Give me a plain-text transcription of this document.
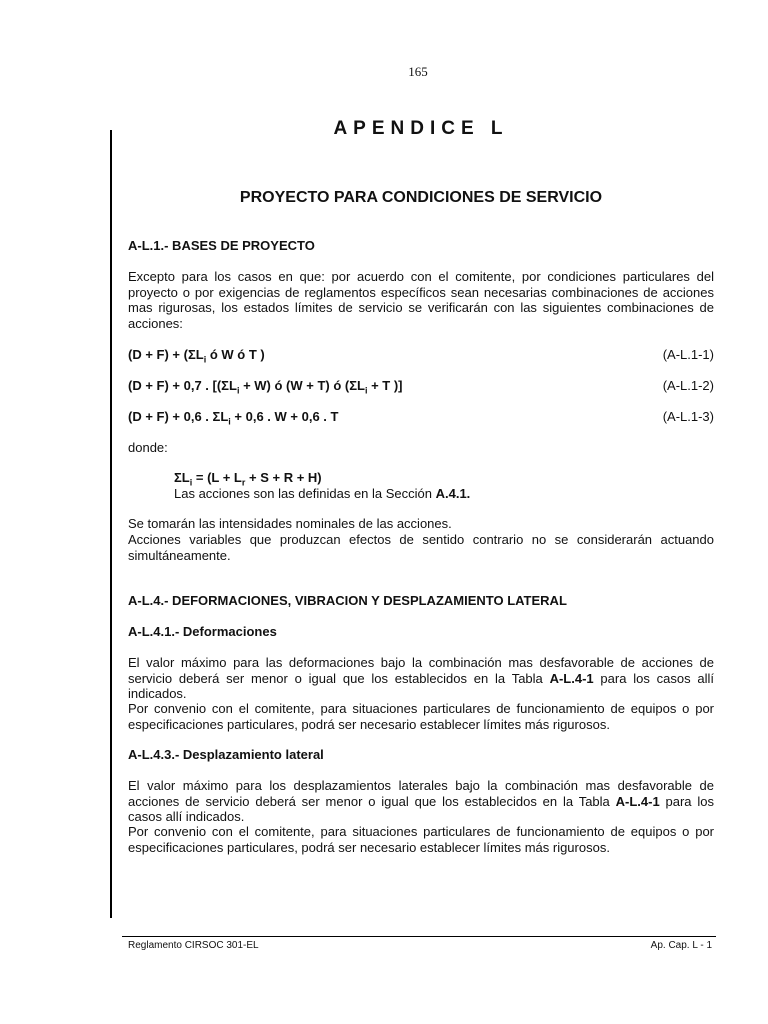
165
APENDICE L
PROYECTO PARA CONDICIONES DE SERVICIO
A-L.1.- BASES DE PROYECTO

Excepto para los casos en que: por acuerdo con el comitente, por condiciones particulares del proyecto o por exigencias de reglamentos específicos sean necesarias combinaciones de acciones mas rigurosas, los estados límites de servicio se verificarán con las siguientes combinaciones de acciones:

$(D + F) + (\Sigma L_i$ ó W ó T )	(A-L.1-1)
(D + F) + 0,7 . [$(\Sigma L_i + W)$ ó (W + T) ó ($\Sigma L_i + T$ )]	(A-L.1-2)
(D + F) + 0,6 . $\Sigma L_i + 0,6$ . W + 0,6 . T	(A-L.1-3)
donde:
$\Sigma L_i = (L + L_r + S + R + H)$
Las acciones son las definidas en la Sección A.4.1.
Se tomarán las intensidades nominales de las acciones.

Acciones variables que produzcan efectos de sentido contrario no se considerarán actuando simultáneamente.

A-L.4.- DEFORMACIONES, VIBRACION Y DESPLAZAMIENTO LATERAL
A-L.4.1.- Deformaciones

El valor máximo para las deformaciones bajo la combinación mas desfavorable de acciones de servicio deberá ser menor o igual que los establecidos en la Tabla A-L.4-1 para los casos allí indicados.

Por convenio con el comitente, para situaciones particulares de funcionamiento de equipos o por especificaciones particulares, podrá ser necesario establecer límites más rigurosos.

A-L.4.3.- Desplazamiento lateral

El valor máximo para los desplazamientos laterales bajo la combinación mas desfavorable de acciones de servicio deberá ser menor o igual que los establecidos en la Tabla A-L.4-1 para los casos allí indicados.

Por convenio con el comitente, para situaciones particulares de funcionamiento de equipos o por especificaciones particulares, podrá ser necesario establecer límites más rigurosos.

Reglamento CIRSOC 301-EL	Ap. Cap. L - 1
